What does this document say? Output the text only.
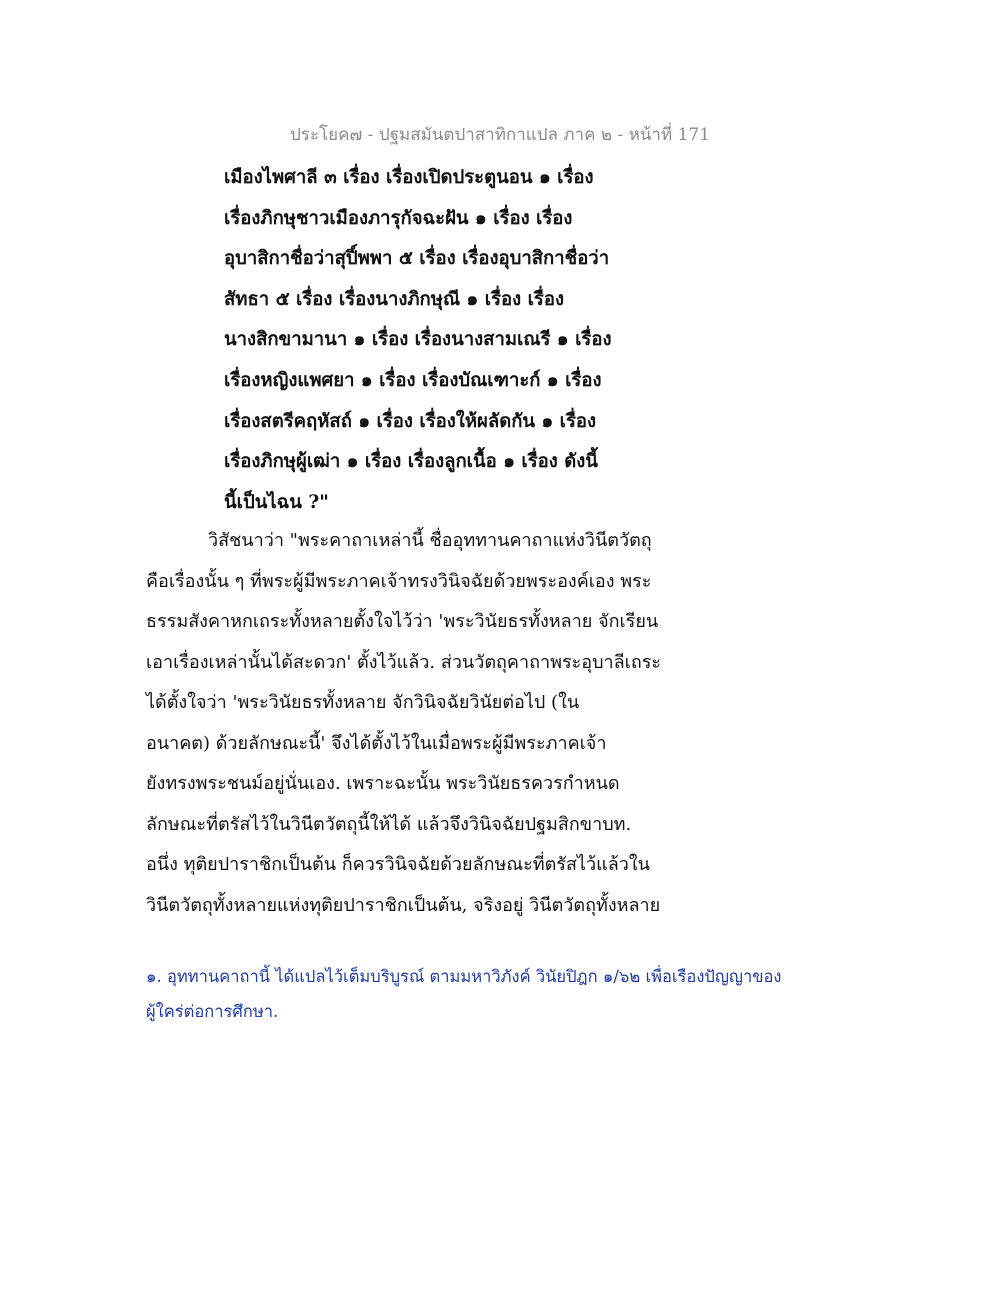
ประโยค๗ - ปฐมสมันตปาสาทิกาแปล ภาค ๒ - หน้าที่ 171
เมืองไพศาลี ๓ เรื่อง เรื่องเปิดประตูนอน ๑ เรื่อง
เรื่องภิกษุชาวเมืองภารุกัจฉะฝัน ๑ เรื่อง เรื่อง
อุบาสิกาชื่อว่าสุปิ์พพา ๕ เรื่อง เรื่องอุบาสิกาชื่อว่า
สัทธา ๕ เรื่อง เรื่องนางภิกษุณี ๑ เรื่อง เรื่อง
นางสิกขามานา ๑ เรื่อง เรื่องนางสามเณรี ๑ เรื่อง
เรื่องหญิงแพศยา ๑ เรื่อง เรื่องบัณเฑาะก์ ๑ เรื่อง
เรื่องสตรีคฤหัสถ์ ๑ เรื่อง เรื่องให้ผลัดกัน ๑ เรื่อง
เรื่องภิกษุผู้เฒ่า ๑ เรื่อง เรื่องลูกเนื้อ ๑ เรื่อง ดังนี้
นี้เป็นไฉน ?"
วิสัชนาว่า "พระคาถาเหล่านี้ ชื่ออุททานคาถาแห่งวินีตวัตถุ
คือเรื่องนั้น ๆ ที่พระผู้มีพระภาคเจ้าทรงวินิจฉัยด้วยพระองค์เอง พระ
ธรรมสังคาหกเถระทั้งหลายตั้งใจไว้ว่า 'พระวินัยธรทั้งหลาย จักเรียน
เอาเรื่องเหล่านั้นได้สะดวก' ตั้งไว้แล้ว. ส่วนวัตถุคาถาพระอุบาลีเถระ
ได้ตั้งใจว่า 'พระวินัยธรทั้งหลาย จักวินิจฉัยวินัยต่อไป (ใน
อนาคต) ด้วยลักษณะนี้' จึงได้ตั้งไว้ในเมื่อพระผู้มีพระภาคเจ้า
ยังทรงพระชนม์อยู่นั่นเอง. เพราะฉะนั้น พระวินัยธรควรกำหนด
ลักษณะที่ตรัสไว้ในวินีตวัตถุนี้ให้ได้ แล้วจึงวินิจฉัยปฐมสิกขาบท.
อนึ่ง ทุติยปาราชิกเป็นต้น ก็ควรวินิจฉัยด้วยลักษณะที่ตรัสไว้แล้วใน
วินีตวัตถุทั้งหลายแห่งทุติยปาราชิกเป็นต้น, จริงอยู่ วินีตวัตถุทั้งหลาย
๑. อุททานคาถานี้ ได้แปลไว้เต็มบริบูรณ์ ตามมหาวิภังค์ วินัยปิฎก ๑/๖๒ เพื่อเรืองปัญญาของ
ผู้ใคร่ต่อการศึกษา.
